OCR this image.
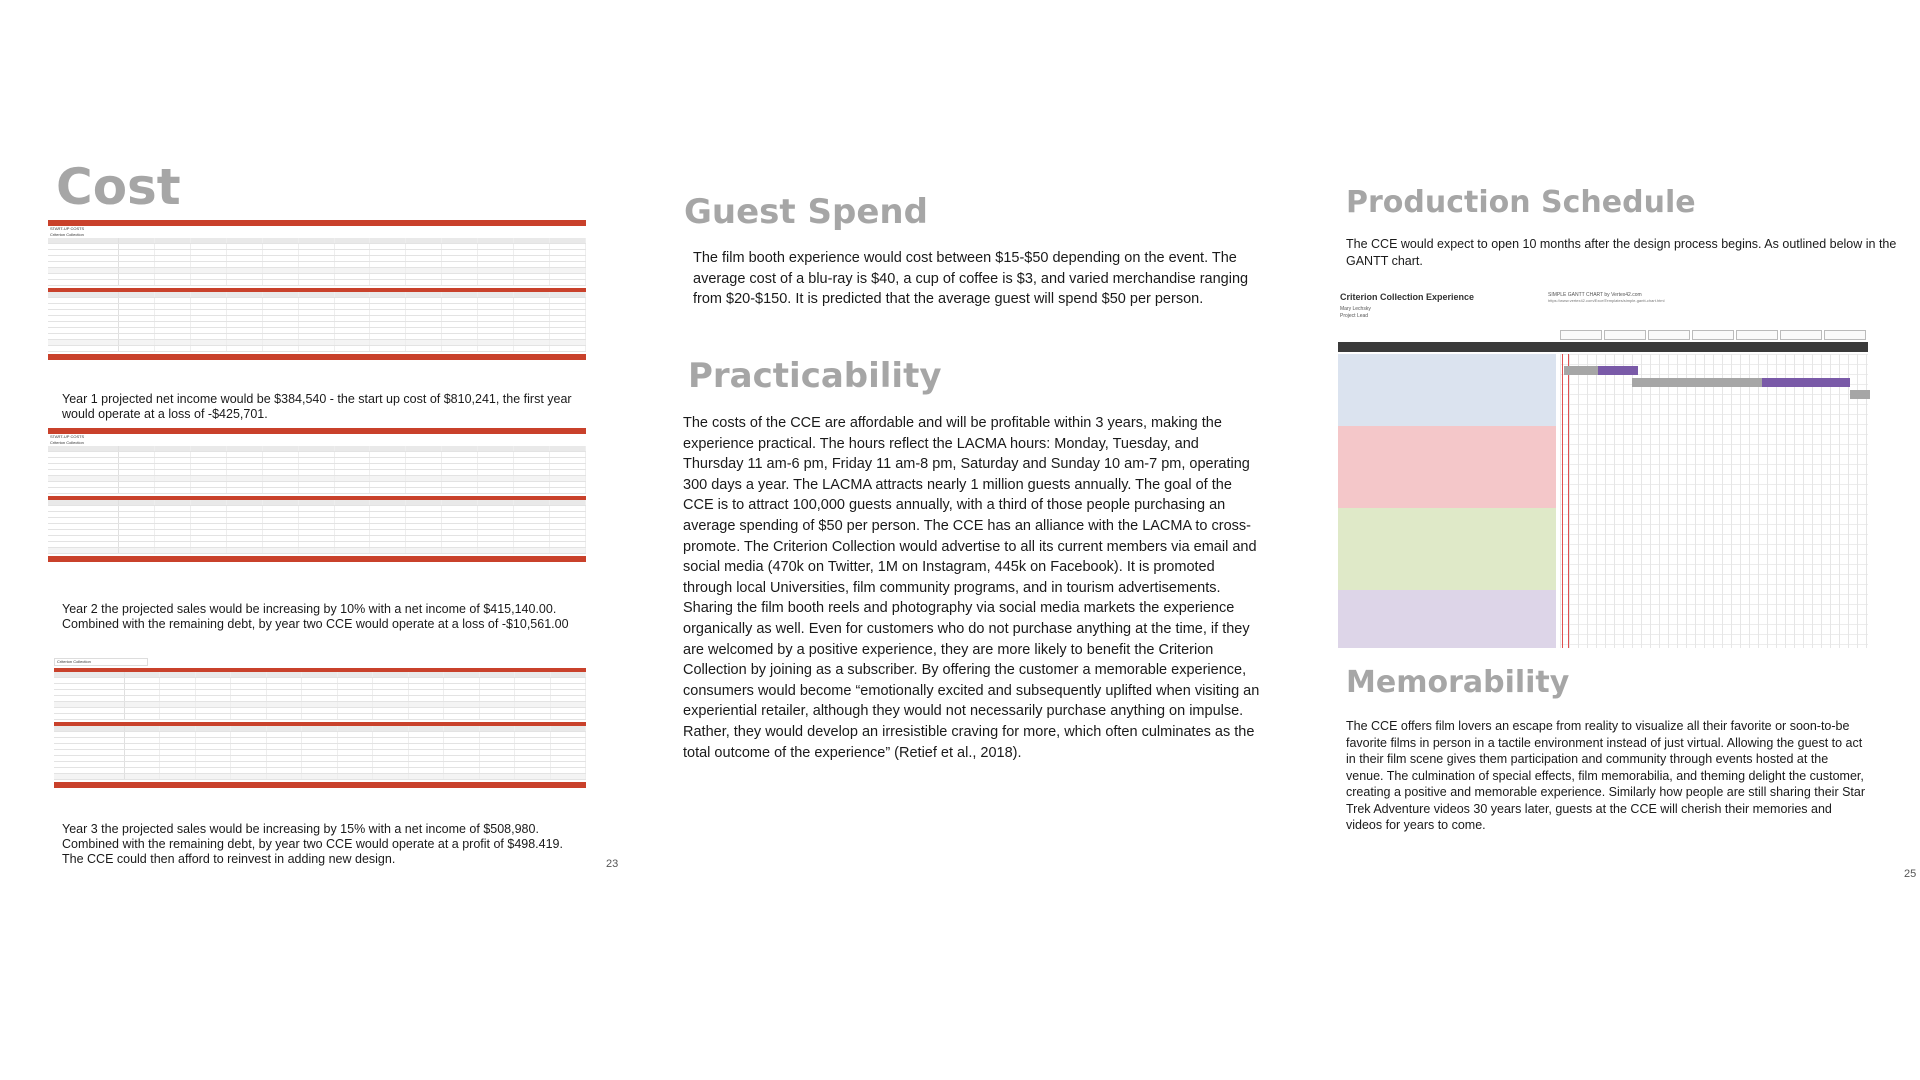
Cost
START-UP COSTS
Criterion Collection
Year 1 projected net income would be $384,540 - the start up cost of $810,241, the first year would operate at a loss of -$425,701.
START-UP COSTS
Criterion Collection
Year 2 the projected sales would be increasing by 10% with a net income of $415,140.00. Combined with the remaining debt, by year two CCE would operate at a loss of -$10,561.00
Criterion Collection
Year 3 the projected sales would be increasing by 15% with a net income of $508,980. Combined with the remaining debt, by year two CCE would operate at a profit of $498.419. The CCE could then afford to reinvest in adding new design.	23
Guest Spend
The film booth experience would cost between $15-$50 depending on the event. The average cost of a blu-ray is $40, a cup of coffee is $3, and varied merchandise ranging from $20-$150. It is predicted that the average guest will spend $50 per person.
Practicability
The costs of the CCE are affordable and will be profitable within 3 years, making the experience practical. The hours reflect the LACMA hours: Monday, Tuesday, and Thursday 11 am-6 pm, Friday 11 am-8 pm, Saturday and Sunday 10 am-7 pm, operating 300 days a year. The LACMA attracts nearly 1 million guests annually. The goal of the CCE is to attract 100,000 guests annually, with a third of those people purchasing an average spending of $50 per person. The CCE has an alliance with the LACMA to cross-promote. The Criterion Collection would advertise to all its current members via email and social media (470k on Twitter, 1M on Instagram, 445k on Facebook). It is promoted through local Universities, film community programs, and in tourism advertisements. Sharing the film booth reels and photography via social media markets the experience organically as well. Even for customers who do not purchase anything at the time, if they are welcomed by a positive experience, they are more likely to benefit the Criterion Collection by joining as a subscriber. By offering the customer a memorable experience, consumers would become “emotionally excited and subsequently uplifted when visiting an experiential retailer, although they would not necessarily purchase anything on impulse. Rather, they would develop an irresistible craving for more, which often culminates as the total outcome of the experience” (Retief et al., 2018).
Production Schedule
The CCE would expect to open 10 months after the design process begins. As outlined below in the GANTT chart.
Criterion Collection Experience
Mary Lechsky
Project Lead
SIMPLE GANTT CHART by Vertex42.com
https://www.vertex42.com/ExcelTemplates/simple-gantt-chart.html
Memorability
The CCE offers film lovers an escape from reality to visualize all their favorite or soon-to-be favorite films in person in a tactile environment instead of just virtual. Allowing the guest to act in their film scene gives them participation and community through events hosted at the venue. The culmination of special effects, film memorabilia, and theming delight the customer, creating a positive and memorable experience. Similarly how people are still sharing their Star Trek Adventure videos 30 years later, guests at the CCE will cherish their memories and videos for years to come.
25
